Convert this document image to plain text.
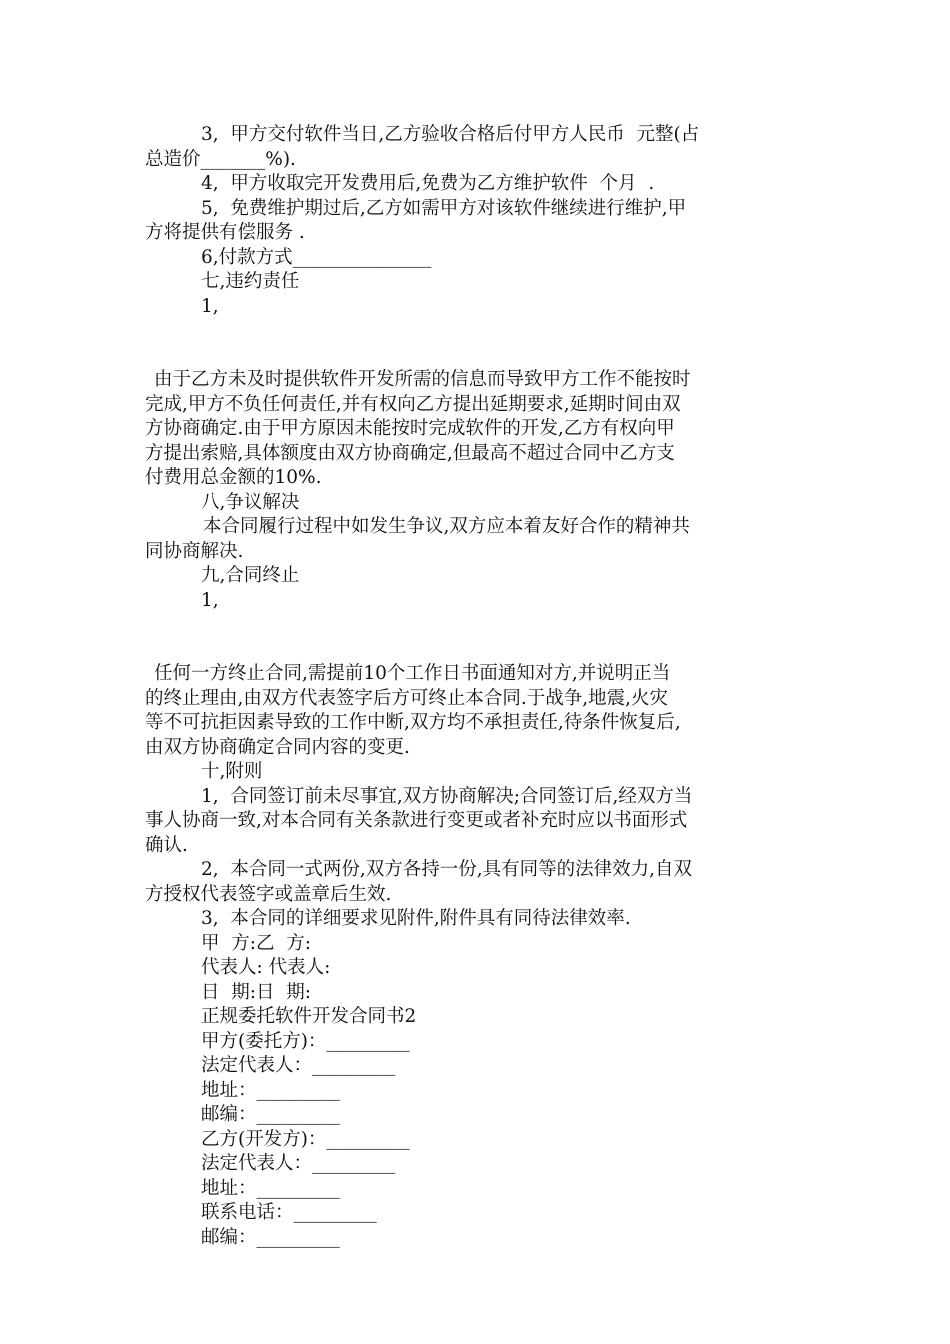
3,  甲方交付软件当日,乙方验收合格后付甲方人民币  元整(占
总造价_______%).
4,  甲方收取完开发费用后,免费为乙方维护软件  个月  .
5,  免费维护期过后,乙方如需甲方对该软件继续进行维护,甲
方将提供有偿服务 .
6,付款方式_______________
七,违约责任
1,
由于乙方未及时提供软件开发所需的信息而导致甲方工作不能按时
完成,甲方不负任何责任,并有权向乙方提出延期要求,延期时间由双
方协商确定.由于甲方原因未能按时完成软件的开发,乙方有权向甲
方提出索赔,具体额度由双方协商确定,但最高不超过合同中乙方支
付费用总金额的10%.
八,争议解决
本合同履行过程中如发生争议,双方应本着友好合作的精神共
同协商解决.
九,合同终止
1,
任何一方终止合同,需提前10个工作日书面通知对方,并说明正当
的终止理由,由双方代表签字后方可终止本合同.于战争,地震,火灾
等不可抗拒因素导致的工作中断,双方均不承担责任,待条件恢复后,
由双方协商确定合同内容的变更.
十,附则
1,  合同签订前未尽事宜,双方协商解决;合同签订后,经双方当
事人协商一致,对本合同有关条款进行变更或者补充时应以书面形式
确认.
2,  本合同一式两份,双方各持一份,具有同等的法律效力,自双
方授权代表签字或盖章后生效.
3,  本合同的详细要求见附件,附件具有同待法律效率.
甲  方:乙  方:
代表人: 代表人:
日  期:日  期:
正规委托软件开发合同书2
甲方(委托方)：_________
法定代表人：_________
地址：_________
邮编：_________
乙方(开发方)：_________
法定代表人：_________
地址：_________
联系电话：_________
邮编：_________
